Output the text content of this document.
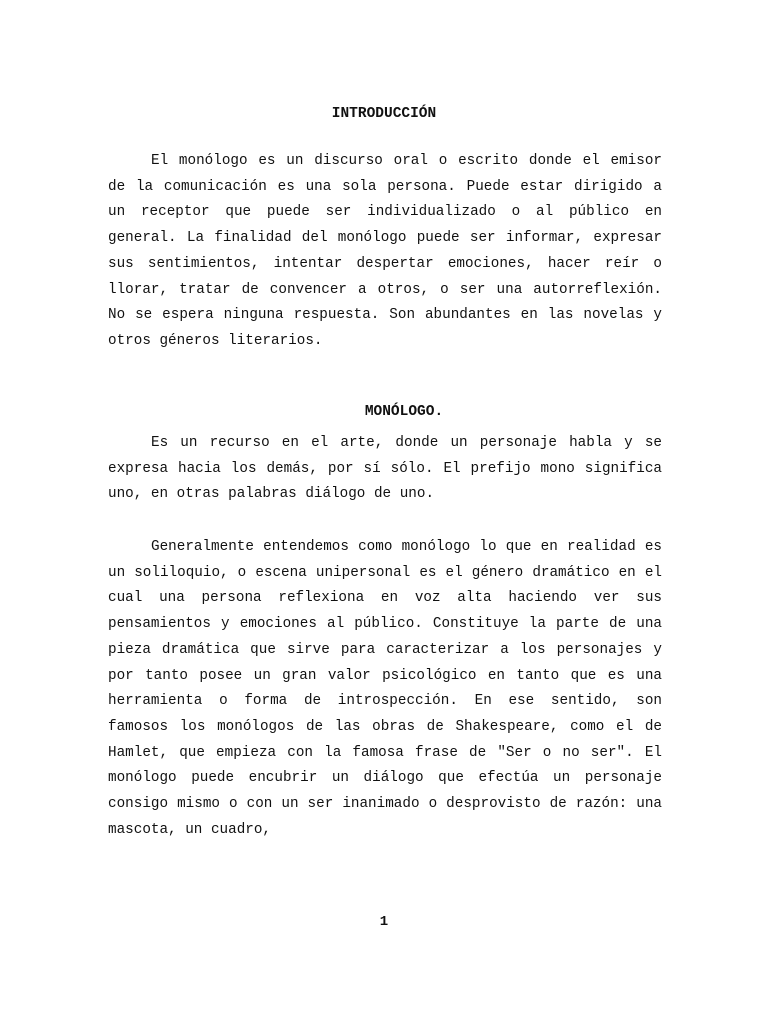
INTRODUCCIÓN

El monólogo es un discurso oral o escrito donde el emisor de la comunicación es una sola persona. Puede estar dirigido a un receptor que puede ser individualizado o al público en general. La finalidad del monólogo puede ser informar, expresar sus sentimientos, intentar despertar emociones, hacer reír o llorar, tratar de convencer a otros, o ser una autorreflexión. No se espera ninguna respuesta. Son abundantes en las novelas y otros géneros literarios.

MONÓLOGO.

Es un recurso en el arte, donde un personaje habla y se expresa hacia los demás, por sí sólo. El prefijo mono significa uno, en otras palabras diálogo de uno.

Generalmente entendemos como monólogo lo que en realidad es un soliloquio, o escena unipersonal es el género dramático en el cual una persona reflexiona en voz alta haciendo ver sus pensamientos y emociones al público. Constituye la parte de una pieza dramática que sirve para caracterizar a los personajes y por tanto posee un gran valor psicológico en tanto que es una herramienta o forma de introspección. En ese sentido, son famosos los monólogos de las obras de Shakespeare, como el de Hamlet, que empieza con la famosa frase de "Ser o no ser". El monólogo puede encubrir un diálogo que efectúa un personaje consigo mismo o con un ser inanimado o desprovisto de razón: una mascota, un cuadro,

1
